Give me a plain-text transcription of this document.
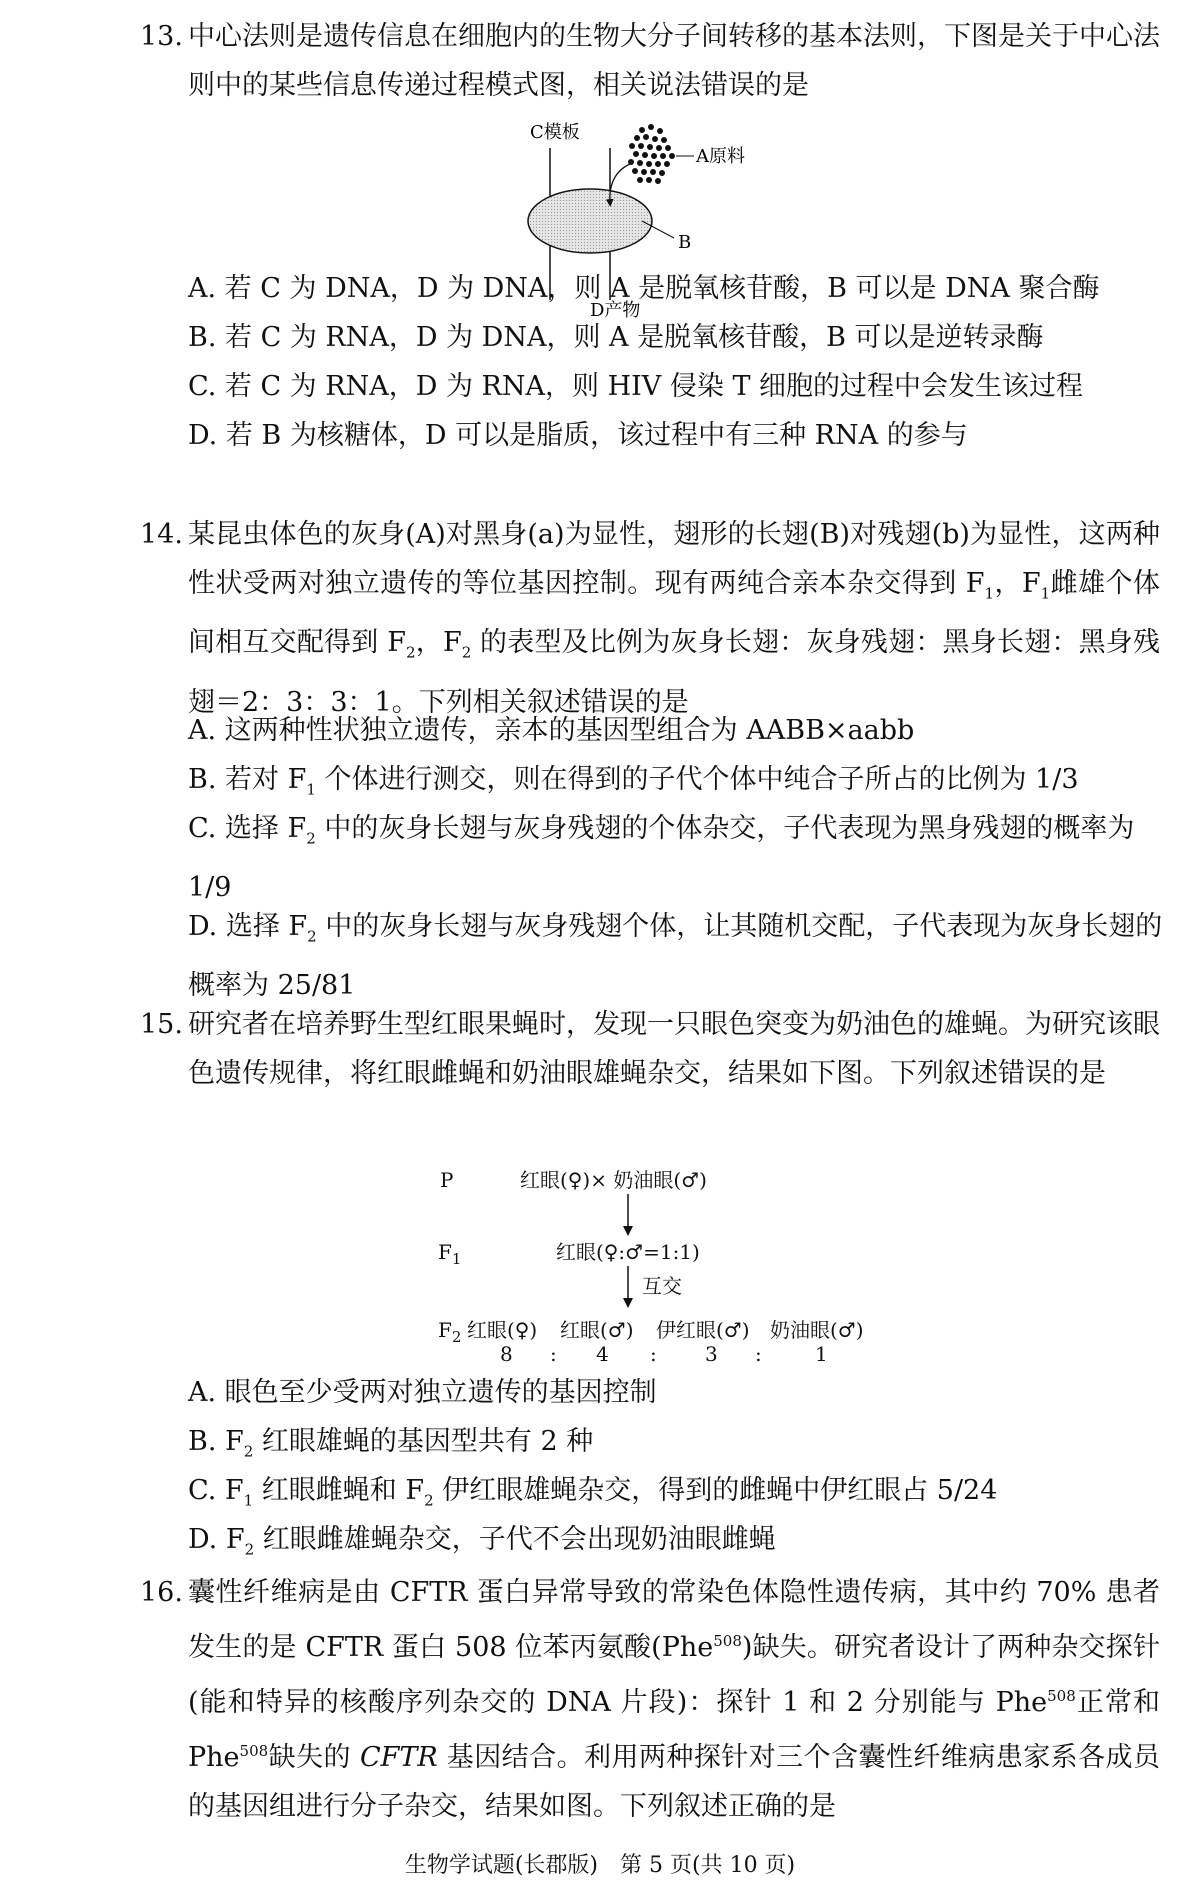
13. 中心法则是遗传信息在细胞内的生物大分子间转移的基本法则，下图是关于中心法则中的某些信息传递过程模式图，相关说法错误的是
C模板
A原料
B
D产物
A. 若 C 为 DNA，D 为 DNA，则 A 是脱氧核苷酸，B 可以是 DNA 聚合酶
B. 若 C 为 RNA，D 为 DNA，则 A 是脱氧核苷酸，B 可以是逆转录酶
C. 若 C 为 RNA，D 为 RNA，则 HIV 侵染 T 细胞的过程中会发生该过程
D. 若 B 为核糖体，D 可以是脂质，该过程中有三种 RNA 的参与
14. 某昆虫体色的灰身(A)对黑身(a)为显性，翅形的长翅(B)对残翅(b)为显性，这两种性状受两对独立遗传的等位基因控制。现有两纯合亲本杂交得到 $F_1$，$F_1$雌雄个体间相互交配得到 $F_2$，$F_2$ 的表型及比例为灰身长翅：灰身残翅：黑身长翅：黑身残翅＝2：3：3：1。下列相关叙述错误的是
A. 这两种性状独立遗传，亲本的基因型组合为 AABB×aabb
B. 若对 $F_1$ 个体进行测交，则在得到的子代个体中纯合子所占的比例为 1/3
C. 选择 $F_2$ 中的灰身长翅与灰身残翅的个体杂交，子代表现为黑身残翅的概率为 1/9
D. 选择 $F_2$ 中的灰身长翅与灰身残翅个体，让其随机交配，子代表现为灰身长翅的概率为 25/81
15. 研究者在培养野生型红眼果蝇时，发现一只眼色突变为奶油色的雄蝇。为研究该眼色遗传规律，将红眼雌蝇和奶油眼雄蝇杂交，结果如下图。下列叙述错误的是
P	红眼(♀)× 奶油眼(♂)
$F_1$	红眼(♀:♂=1:1)
互交
$F_2$ 红眼(♀) 红眼(♂) 伊红眼(♂) 奶油眼(♂)
8 : 4 : 3 :	1
A. 眼色至少受两对独立遗传的基因控制
B. $F_2$ 红眼雄蝇的基因型共有 2 种
C. $F_1$ 红眼雌蝇和 $F_2$ 伊红眼雄蝇杂交，得到的雌蝇中伊红眼占 5/24
D. $F_2$ 红眼雌雄蝇杂交，子代不会出现奶油眼雌蝇
16. 囊性纤维病是由 CFTR 蛋白异常导致的常染色体隐性遗传病，其中约 70% 患者发生的是 CFTR 蛋白 508 位苯丙氨酸(Phe$^{508}$)缺失。研究者设计了两种杂交探针(能和特异的核酸序列杂交的 DNA 片段)：探针 1 和 2 分别能与 Phe$^{508}$正常和 Phe$^{508}$缺失的 CFTR 基因结合。利用两种探针对三个含囊性纤维病患家系各成员的基因组进行分子杂交，结果如图。下列叙述正确的是
生物学试题(长郡版)　第 5 页(共 10 页)
